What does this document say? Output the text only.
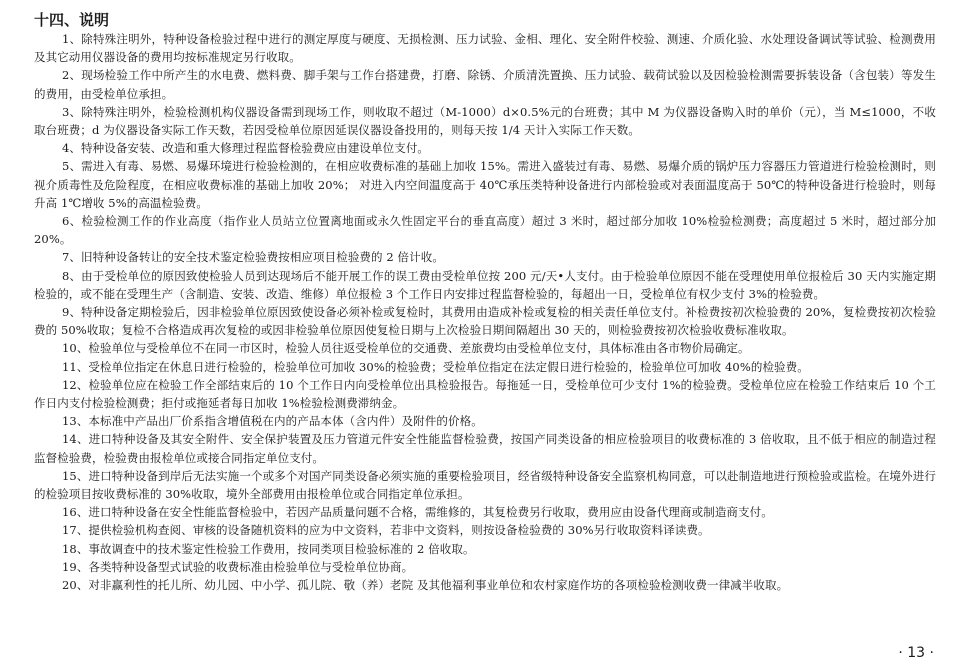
十四、说明

1、除特殊注明外，特种设备检验过程中进行的测定厚度与硬度、无损检测、压力试验、金相、理化、安全附件校验、测速、介质化验、水处理设备调试等试验、检测费用及其它动用仪器设备的费用均按标准规定另行收取。

2、现场检验工作中所产生的水电费、燃料费、脚手架与工作台搭建费，打磨、除锈、介质清洗置换、压力试验、载荷试验以及因检验检测需要拆装设备（含包装）等发生的费用，由受检单位承担。

3、除特殊注明外，检验检测机构仪器设备需到现场工作，则收取不超过（M-1000）d×0.5%元的台班费；其中 M 为仪器设备购入时的单价（元），当 M≤1000，不收取台班费；d 为仪器设备实际工作天数，若因受检单位原因延误仪器设备投用的，则每天按 1/4 天计入实际工作天数。

4、特种设备安装、改造和重大修理过程监督检验费应由建设单位支付。

5、需进入有毒、易燃、易爆环境进行检验检测的，在相应收费标准的基础上加收 15%。需进入盛装过有毒、易燃、易爆介质的锅炉压力容器压力管道进行检验检测时，则视介质毒性及危险程度，在相应收费标准的基础上加收 20%； 对进入内空间温度高于 40℃承压类特种设备进行内部检验或对表面温度高于 50℃的特种设备进行检验时，则每升高 1℃增收 5%的高温检验费。

6、检验检测工作的作业高度（指作业人员站立位置离地面或永久性固定平台的垂直高度）超过 3 米时，超过部分加收 10%检验检测费；高度超过 5 米时，超过部分加 20%。

7、旧特种设备转让的安全技术鉴定检验费按相应项目检验费的 2 倍计收。

8、由于受检单位的原因致使检验人员到达现场后不能开展工作的误工费由受检单位按 200 元/天•人支付。由于检验单位原因不能在受理使用单位报检后 30 天内实施定期检验的，或不能在受理生产（含制造、安装、改造、维修）单位报检 3 个工作日内安排过程监督检验的，每超出一日，受检单位有权少支付 3%的检验费。

9、特种设备定期检验后，因非检验单位原因致使设备必须补检或复检时，其费用由造成补检或复检的相关责任单位支付。补检费按初次检验费的 20%，复检费按初次检验费的 50%收取；复检不合格造成再次复检的或因非检验单位原因使复检日期与上次检验日期间隔超出 30 天的，则检验费按初次检验收费标准收取。

10、检验单位与受检单位不在同一市区时，检验人员往返受检单位的交通费、差旅费均由受检单位支付，具体标准由各市物价局确定。

11、受检单位指定在休息日进行检验的，检验单位可加收 30%的检验费；受检单位指定在法定假日进行检验的，检验单位可加收 40%的检验费。

12、检验单位应在检验工作全部结束后的 10 个工作日内向受检单位出具检验报告。每拖延一日，受检单位可少支付 1%的检验费。受检单位应在检验工作结束后 10 个工作日内支付检验检测费；拒付或拖延者每日加收 1%检验检测费滞纳金。

13、本标准中产品出厂价系指含增值税在内的产品本体（含内件）及附件的价格。

14、进口特种设备及其安全附件、安全保护装置及压力管道元件安全性能监督检验费，按国产同类设备的相应检验项目的收费标准的 3 倍收取，且不低于相应的制造过程监督检验费，检验费由报检单位或接合同指定单位支付。

15、进口特种设备到岸后无法实施一个或多个对国产同类设备必须实施的重要检验项目，经省级特种设备安全监察机构同意，可以赴制造地进行预检验或监检。在境外进行的检验项目按收费标准的 30%收取，境外全部费用由报检单位或合同指定单位承担。

16、进口特种设备在安全性能监督检验中，若因产品质量问题不合格，需维修的，其复检费另行收取，费用应由设备代理商或制造商支付。

17、提供检验机构查阅、审核的设备随机资料的应为中文资料，若非中文资料，则按设备检验费的 30%另行收取资料译读费。

18、事故调查中的技术鉴定性检验工作费用，按同类项目检验标准的 2 倍收取。

19、各类特种设备型式试验的收费标准由检验单位与受检单位协商。

20、对非赢利性的托儿所、幼儿园、中小学、孤儿院、敬（养）老院 及其他福利事业单位和农村家庭作坊的各项检验检测收费一律减半收取。

· 13 ·
